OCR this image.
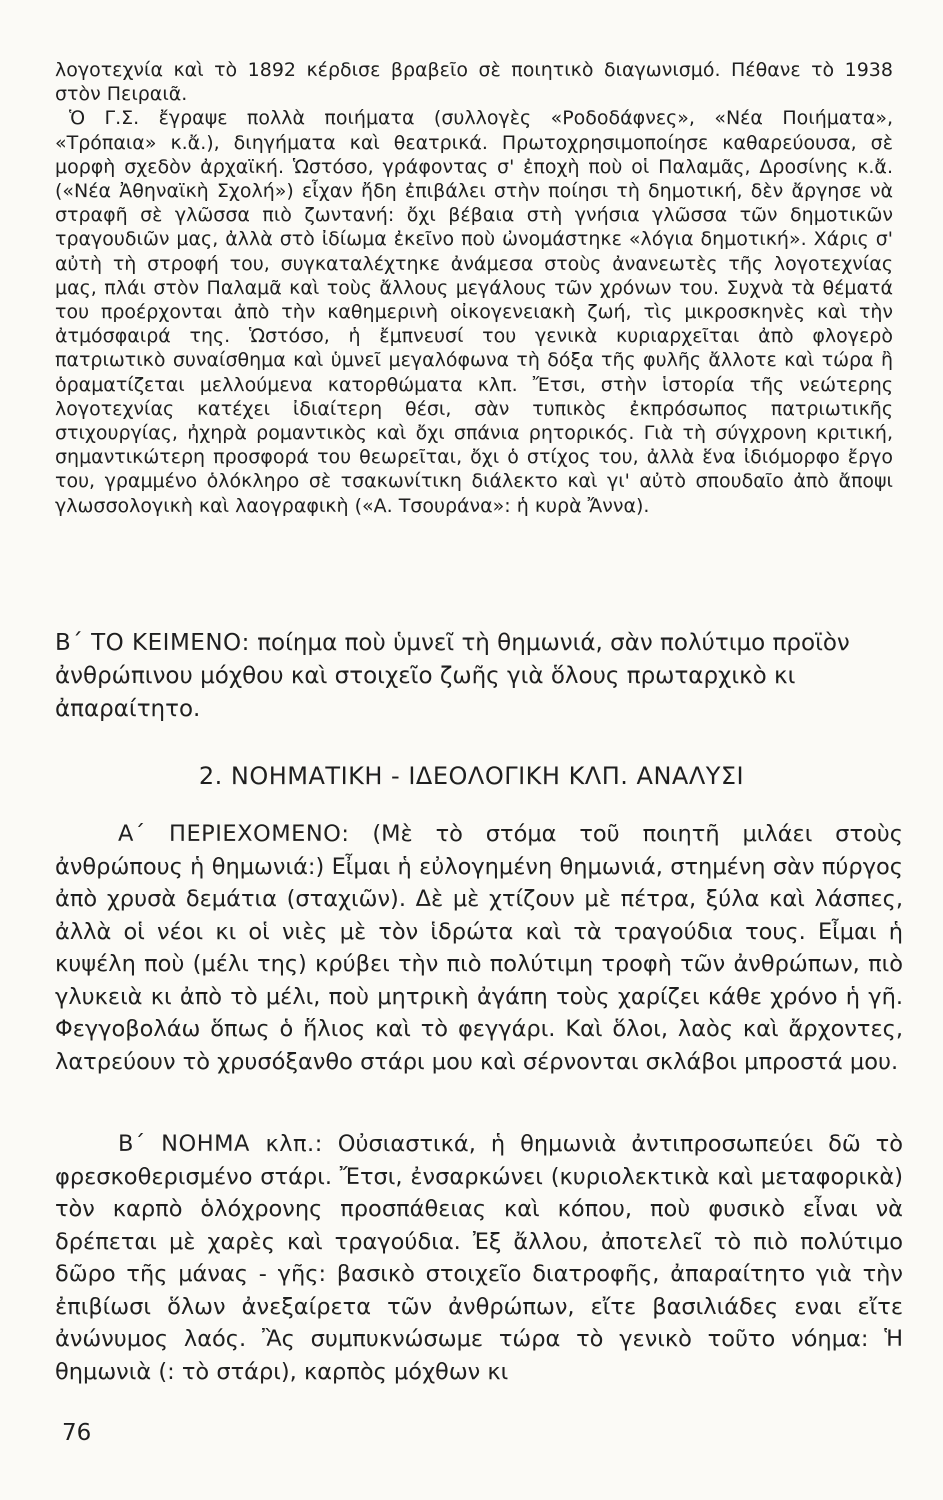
λογοτεχνία καὶ τὸ 1892 κέρδισε βραβεῖο σὲ ποιητικὸ διαγωνισμό. Πέθανε τὸ 1938 στὸν Πειραιᾶ.

Ὁ Γ.Σ. ἔγραψε πολλὰ ποιήματα (συλλογὲς «Ροδοδάφνες», «Νέα Ποιήματα», «Τρόπαια» κ.ἄ.), διηγήματα καὶ θεατρικά. Πρωτοχρησιμοποίησε καθαρεύουσα, σὲ μορφὴ σχεδὸν ἀρχαϊκή. Ὡστόσο, γράφοντας σ' ἐποχὴ ποὺ οἱ Παλαμᾶς, Δροσίνης κ.ἄ. («Νέα Ἀθηναϊκὴ Σχολή») εἶχαν ἤδη ἐπιβάλει στὴν ποίησι τὴ δημοτική, δὲν ἄργησε νὰ στραφῆ σὲ γλῶσσα πιὸ ζωντανή: ὄχι βέβαια στὴ γνήσια γλῶσσα τῶν δημοτικῶν τραγουδιῶν μας, ἀλλὰ στὸ ἰδίωμα ἐκεῖνο ποὺ ὠνομάστηκε «λόγια δημοτική». Χάρις σ' αὐτὴ τὴ στροφή του, συγκαταλέχτηκε ἀνάμεσα στοὺς ἀνανεωτὲς τῆς λογοτεχνίας μας, πλάι στὸν Παλαμᾶ καὶ τοὺς ἄλλους μεγάλους τῶν χρόνων του. Συχνὰ τὰ θέματά του προέρχονται ἀπὸ τὴν καθημερινὴ οἰκογενειακὴ ζωή, τὶς μικροσκηνὲς καὶ τὴν ἀτμόσφαιρά της. Ὡστόσο, ἡ ἔμπνευσί του γενικὰ κυριαρχεῖται ἀπὸ φλογερὸ πατριωτικὸ συναίσθημα καὶ ὑμνεῖ μεγαλόφωνα τὴ δόξα τῆς φυλῆς ἄλλοτε καὶ τώρα ἢ ὁραματίζεται μελλούμενα κατορθώματα κλπ. Ἔτσι, στὴν ἱστορία τῆς νεώτερης λογοτεχνίας κατέχει ἰδιαίτερη θέσι, σὰν τυπικὸς ἐκπρόσωπος πατριωτικῆς στιχουργίας, ἠχηρὰ ρομαντικὸς καὶ ὄχι σπάνια ρητορικός. Γιὰ τὴ σύγχρονη κριτική, σημαντικώτερη προσφορά του θεωρεῖται, ὄχι ὁ στίχος του, ἀλλὰ ἕνα ἰδιόμορφο ἔργο του, γραμμένο ὁλόκληρο σὲ τσακωνίτικη διάλεκτο καὶ γι' αὐτὸ σπουδαῖο ἀπὸ ἄποψι γλωσσολογικὴ καὶ λαογραφικὴ («Α. Τσουράνα»: ἡ κυρὰ Ἄννα).

Β΄ ΤΟ ΚΕΙΜΕΝΟ: ποίημα ποὺ ὑμνεῖ τὴ θημωνιά, σὰν πολύτιμο προϊὸν ἀνθρώπινου μόχθου καὶ στοιχεῖο ζωῆς γιὰ ὅλους πρωταρχικὸ κι ἀπαραίτητο.

2. ΝΟΗΜΑΤΙΚΗ - ΙΔΕΟΛΟΓΙΚΗ ΚΛΠ. ΑΝΑΛΥΣΙ

Α΄ ΠΕΡΙΕΧΟΜΕΝΟ: (Μὲ τὸ στόμα τοῦ ποιητῆ μιλάει στοὺς ἀνθρώπους ἡ θημωνιά:) Εἶμαι ἡ εὐλογημένη θημωνιά, στημένη σὰν πύργος ἀπὸ χρυσὰ δεμάτια (σταχιῶν). Δὲ μὲ χτίζουν μὲ πέτρα, ξύλα καὶ λάσπες, ἀλλὰ οἱ νέοι κι οἱ νιὲς μὲ τὸν ἱδρώτα καὶ τὰ τραγούδια τους. Εἶμαι ἡ κυψέλη ποὺ (μέλι της) κρύβει τὴν πιὸ πολύτιμη τροφὴ τῶν ἀνθρώπων, πιὸ γλυκειὰ κι ἀπὸ τὸ μέλι, ποὺ μητρικὴ ἀγάπη τοὺς χαρίζει κάθε χρόνο ἡ γῆ. Φεγγοβολάω ὅπως ὁ ἥλιος καὶ τὸ φεγγάρι. Καὶ ὅλοι, λαὸς καὶ ἄρχοντες, λατρεύουν τὸ χρυσόξανθο στάρι μου καὶ σέρνονται σκλάβοι μπροστά μου.

Β΄ ΝΟΗΜΑ κλπ.: Οὐσιαστικά, ἡ θημωνιὰ ἀντιπροσωπεύει δῶ τὸ φρεσκοθερισμένο στάρι. Ἔτσι, ἐνσαρκώνει (κυριολεκτικὰ καὶ μεταφορικὰ) τὸν καρπὸ ὁλόχρονης προσπάθειας καὶ κόπου, ποὺ φυσικὸ εἶναι νὰ δρέπεται μὲ χαρὲς καὶ τραγούδια. Ἐξ ἄλλου, ἀποτελεῖ τὸ πιὸ πολύτιμο δῶρο τῆς μάνας - γῆς: βασικὸ στοιχεῖο διατροφῆς, ἀπαραίτητο γιὰ τὴν ἐπιβίωσι ὅλων ἀνεξαίρετα τῶν ἀνθρώπων, εἴτε βασιλιάδες εναι εἴτε ἀνώνυμος λαός. Ἂς συμπυκνώσωμε τώρα τὸ γενικὸ τοῦτο νόημα: Ἡ θημωνιὰ (: τὸ στάρι), καρπὸς μόχθων κι

76
